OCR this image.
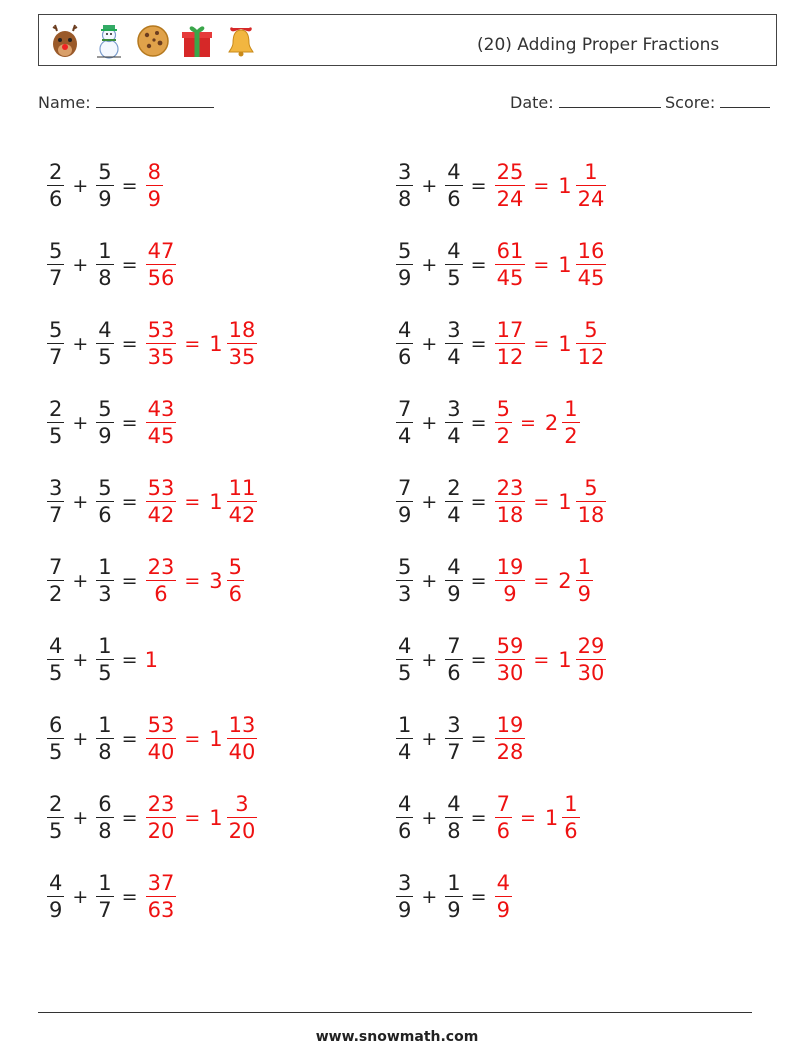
(20) Adding Proper Fractions
Name:	Date:	Score:
$\frac{2}{6} + \frac{5}{9} = \frac{8}{9}$
$\frac{5}{7} + \frac{1}{8} = \frac{47}{56}$
$\frac{5}{7} + \frac{4}{5} = \frac{53}{35} = 1 \frac{18}{35}$
$\frac{2}{5} + \frac{5}{9} = \frac{43}{45}$
$\frac{3}{7} + \frac{5}{6} = \frac{53}{42} = 1 \frac{11}{42}$
$\frac{7}{2} + \frac{1}{3} = \frac{23}{6} = 3 \frac{5}{6}$
$\frac{4}{5} + \frac{1}{5} = 1$
$\frac{6}{5} + \frac{1}{8} = \frac{53}{40} = 1 \frac{13}{40}$
$\frac{2}{5} + \frac{6}{8} = \frac{23}{20} = 1 \frac{3}{20}$
$\frac{4}{9} + \frac{1}{7} = \frac{37}{63}$
$\frac{3}{8} + \frac{4}{6} = \frac{25}{24} = 1 \frac{1}{24}$
$\frac{5}{9} + \frac{4}{5} = \frac{61}{45} = 1 \frac{16}{45}$
$\frac{4}{6} + \frac{3}{4} = \frac{17}{12} = 1 \frac{5}{12}$
$\frac{7}{4} + \frac{3}{4} = \frac{5}{2} = 2 \frac{1}{2}$
$\frac{7}{9} + \frac{2}{4} = \frac{23}{18} = 1 \frac{5}{18}$
$\frac{5}{3} + \frac{4}{9} = \frac{19}{9} = 2 \frac{1}{9}$
$\frac{4}{5} + \frac{7}{6} = \frac{59}{30} = 1 \frac{29}{30}$
$\frac{1}{4} + \frac{3}{7} = \frac{19}{28}$
$\frac{4}{6} + \frac{4}{8} = \frac{7}{6} = 1 \frac{1}{6}$
$\frac{3}{9} + \frac{1}{9} = \frac{4}{9}$
www.snowmath.com
